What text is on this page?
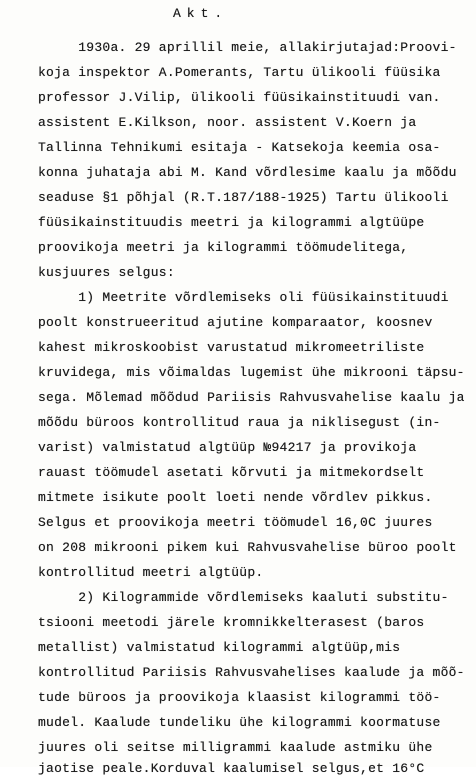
Akt.
1930a. 29 aprillil meie, allakirjutajad:Proovi-
koja inspektor A.Pomerants, Tartu ülikooli füüsika
professor J.Vilip, ülikooli füüsikainstituudi van.
assistent E.Kilkson, noor. assistent V.Koern ja
Tallinna Tehnikumi esitaja - Katsekoja keemia osa-
konna juhataja abi M. Kand võrdlesime kaalu ja mõõdu
seaduse §1 põhjal (R.T.187/188-1925) Tartu ülikooli
füüsikainstituudis meetri ja kilogrammi algtüüpe
proovikoja meetri ja kilogrammi töömudelitega,
kusjuures selgus:
1) Meetrite võrdlemiseks oli füüsikainstituudi
poolt konstrueeritud ajutine komparaator, koosnev
kahest mikroskoobist varustatud mikromeetriliste
kruvidega, mis võimaldas lugemist ühe mikrooni täpsu-
sega. Mõlemad mõõdud Pariisis Rahvusvahelise kaalu ja
mõõdu büroos kontrollitud raua ja niklisegust (in-
varist) valmistatud algtüüp №94217 ja provikoja
rauast töömudel asetati kõrvuti ja mitmekordselt
mitmete isikute poolt loeti nende võrdlev pikkus.
Selgus et proovikoja meetri töömudel 16,0C juures
on 208 mikrooni pikem kui Rahvusvahelise büroo poolt
kontrollitud meetri algtüüp.
2) Kilogrammide võrdlemiseks kaaluti substitu-
tsiooni meetodi järele kromnikkelterasest (baros
metallist) valmistatud kilogrammi algtüüp,mis
kontrollitud Pariisis Rahvusvahelises kaalude ja mõõ-
tude büroos ja proovikoja klaasist kilogrammi töö-
mudel. Kaalude tundeliku ühe kilogrammi koormatuse
juures oli seitse milligrammi kaalude astmiku ühe
jaotise peale.Korduval kaalumisel selgus,et 16°C
